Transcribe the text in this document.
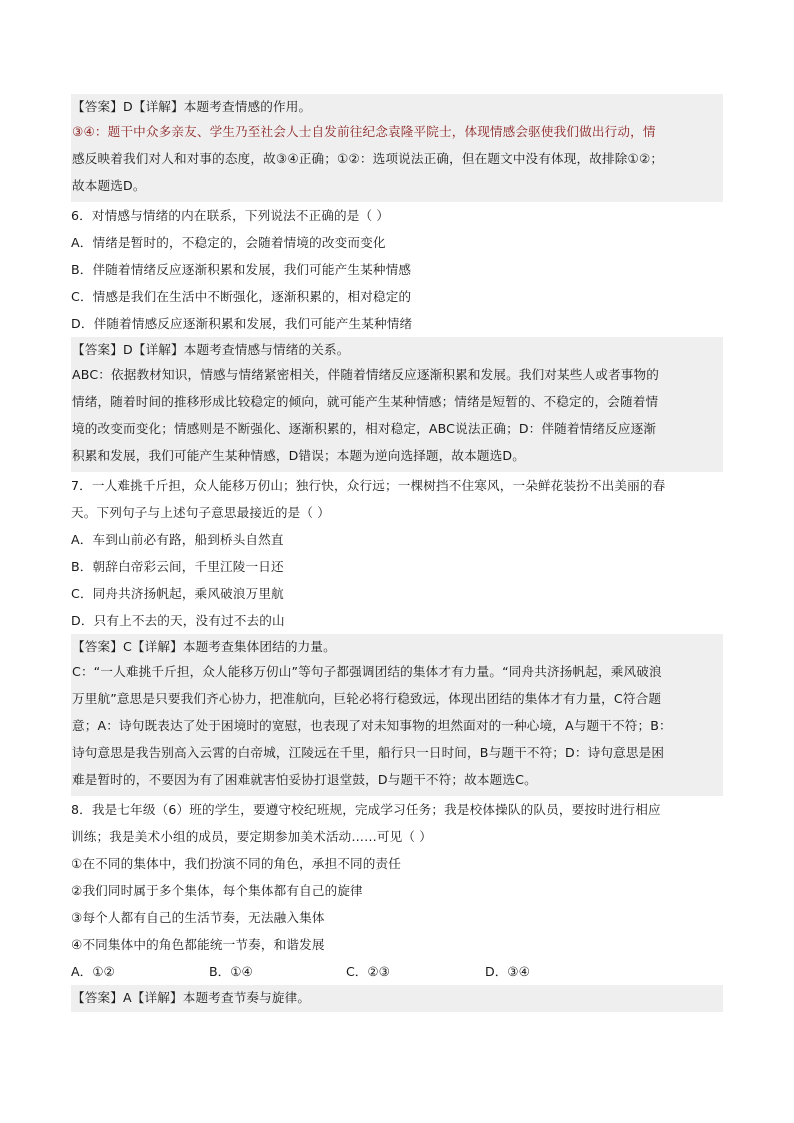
【答案】D【详解】本题考查情感的作用。
③④：题干中众多亲友、学生乃至社会人士自发前往纪念袁隆平院士，体现情感会驱使我们做出行动，情
感反映着我们对人和对事的态度，故③④正确；①②：选项说法正确，但在题文中没有体现，故排除①②；
故本题选D。
6．对情感与情绪的内在联系，下列说法不正确的是（ ）
A．情绪是暂时的，不稳定的，会随着情境的改变而变化
B．伴随着情绪反应逐渐积累和发展，我们可能产生某种情感
C．情感是我们在生活中不断强化，逐渐积累的，相对稳定的
D．伴随着情感反应逐渐积累和发展，我们可能产生某种情绪
【答案】D【详解】本题考查情感与情绪的关系。
ABC：依据教材知识，情感与情绪紧密相关，伴随着情绪反应逐渐积累和发展。我们对某些人或者事物的
情绪，随着时间的推移形成比较稳定的倾向，就可能产生某种情感；情绪是短暂的、不稳定的，会随着情
境的改变而变化；情感则是不断强化、逐渐积累的，相对稳定，ABC说法正确；D：伴随着情绪反应逐渐
积累和发展，我们可能产生某种情感，D错误；本题为逆向选择题，故本题选D。
7．一人难挑千斤担，众人能移万仞山；独行快，众行远；一棵树挡不住寒风，一朵鲜花装扮不出美丽的春
天。下列句子与上述句子意思最接近的是（ ）
A．车到山前必有路，船到桥头自然直
B．朝辞白帝彩云间，千里江陵一日还
C．同舟共济扬帆起，乘风破浪万里航
D．只有上不去的天，没有过不去的山
【答案】C【详解】本题考查集体团结的力量。
C：“一人难挑千斤担，众人能移万仞山”等句子都强调团结的集体才有力量。“同舟共济扬帆起，乘风破浪
万里航”意思是只要我们齐心协力，把准航向，巨轮必将行稳致远，体现出团结的集体才有力量，C符合题
意；A：诗句既表达了处于困境时的宽慰，也表现了对未知事物的坦然面对的一种心境，A与题干不符；B：
诗句意思是我告别高入云霄的白帝城，江陵远在千里，船行只一日时间，B与题干不符；D：诗句意思是困
难是暂时的，不要因为有了困难就害怕妥协打退堂鼓，D与题干不符；故本题选C。
8．我是七年级（6）班的学生，要遵守校纪班规，完成学习任务；我是校体操队的队员，要按时进行相应
训练；我是美术小组的成员，要定期参加美术活动……可见（ ）
①在不同的集体中，我们扮演不同的角色，承担不同的责任
②我们同时属于多个集体，每个集体都有自己的旋律
③每个人都有自己的生活节奏，无法融入集体
④不同集体中的角色都能统一节奏，和谐发展
A．①②	B．①④	C．②③	D．③④
【答案】A【详解】本题考查节奏与旋律。
